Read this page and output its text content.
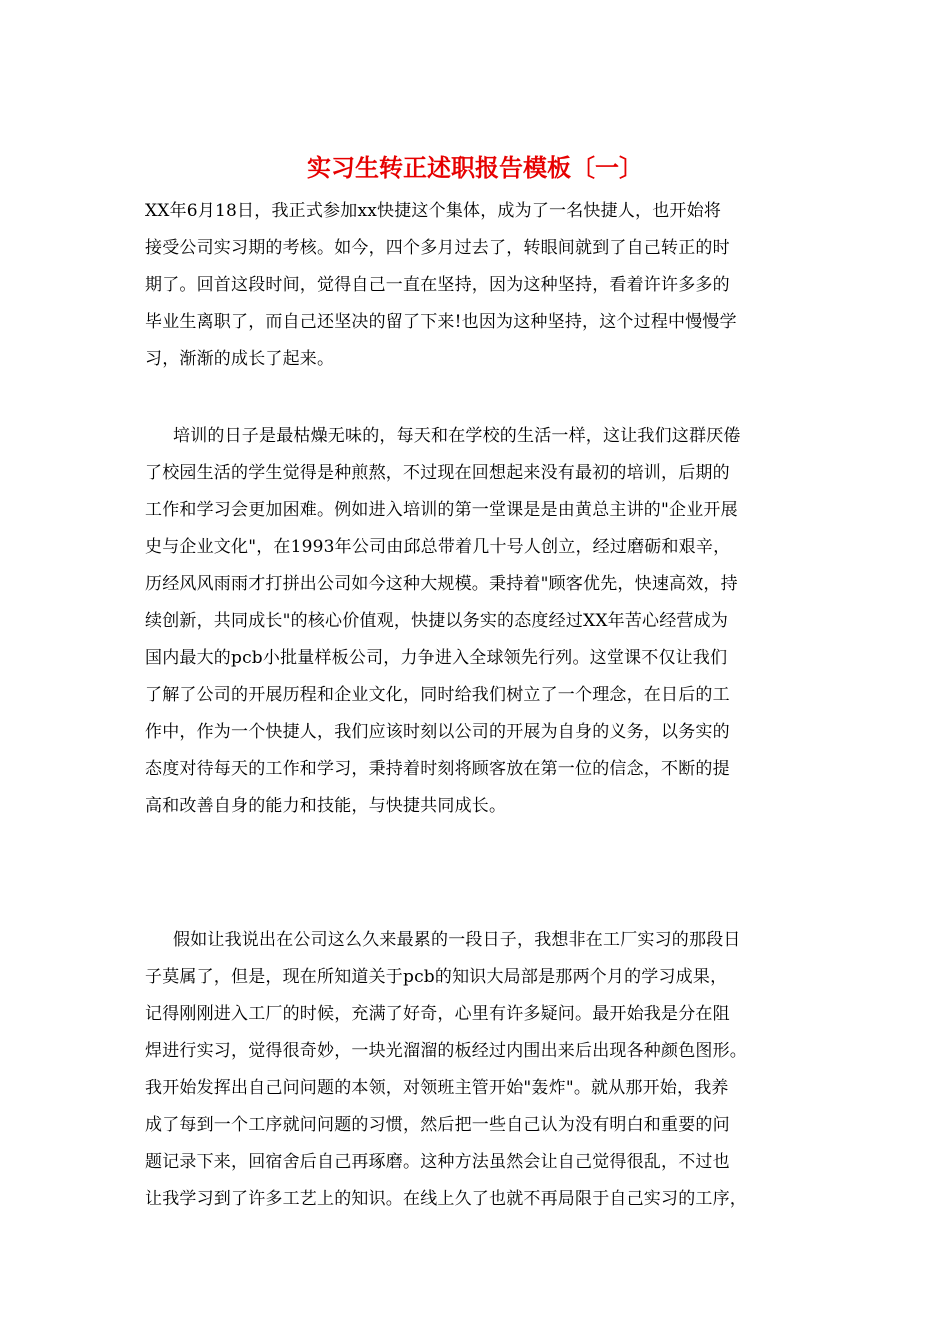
实习生转正述职报告模板〔一〕

XX年6月18日，我正式参加xx快捷这个集体，成为了一名快捷人，也开始将
接受公司实习期的考核。如今，四个多月过去了，转眼间就到了自己转正的时
期了。回首这段时间，觉得自己一直在坚持，因为这种坚持，看着许许多多的
毕业生离职了，而自己还坚决的留了下来!也因为这种坚持，这个过程中慢慢学
习，渐渐的成长了起来。

培训的日子是最枯燥无味的，每天和在学校的生活一样，这让我们这群厌倦
了校园生活的学生觉得是种煎熬，不过现在回想起来没有最初的培训，后期的
工作和学习会更加困难。例如进入培训的第一堂课是是由黄总主讲的"企业开展
史与企业文化"，在1993年公司由邱总带着几十号人创立，经过磨砺和艰辛，
历经风风雨雨才打拼出公司如今这种大规模。秉持着"顾客优先，快速高效，持
续创新，共同成长"的核心价值观，快捷以务实的态度经过XX年苦心经营成为
国内最大的pcb小批量样板公司，力争进入全球领先行列。这堂课不仅让我们
了解了公司的开展历程和企业文化，同时给我们树立了一个理念，在日后的工
作中，作为一个快捷人，我们应该时刻以公司的开展为自身的义务，以务实的
态度对待每天的工作和学习，秉持着时刻将顾客放在第一位的信念，不断的提
高和改善自身的能力和技能，与快捷共同成长。

假如让我说出在公司这么久来最累的一段日子，我想非在工厂实习的那段日
子莫属了，但是，现在所知道关于pcb的知识大局部是那两个月的学习成果，
记得刚刚进入工厂的时候，充满了好奇，心里有许多疑问。最开始我是分在阻
焊进行实习，觉得很奇妙，一块光溜溜的板经过内围出来后出现各种颜色图形。
我开始发挥出自己问问题的本领，对领班主管开始"轰炸"。就从那开始，我养
成了每到一个工序就问问题的习惯，然后把一些自己认为没有明白和重要的问
题记录下来，回宿舍后自己再琢磨。这种方法虽然会让自己觉得很乱，不过也
让我学习到了许多工艺上的知识。在线上久了也就不再局限于自己实习的工序，
